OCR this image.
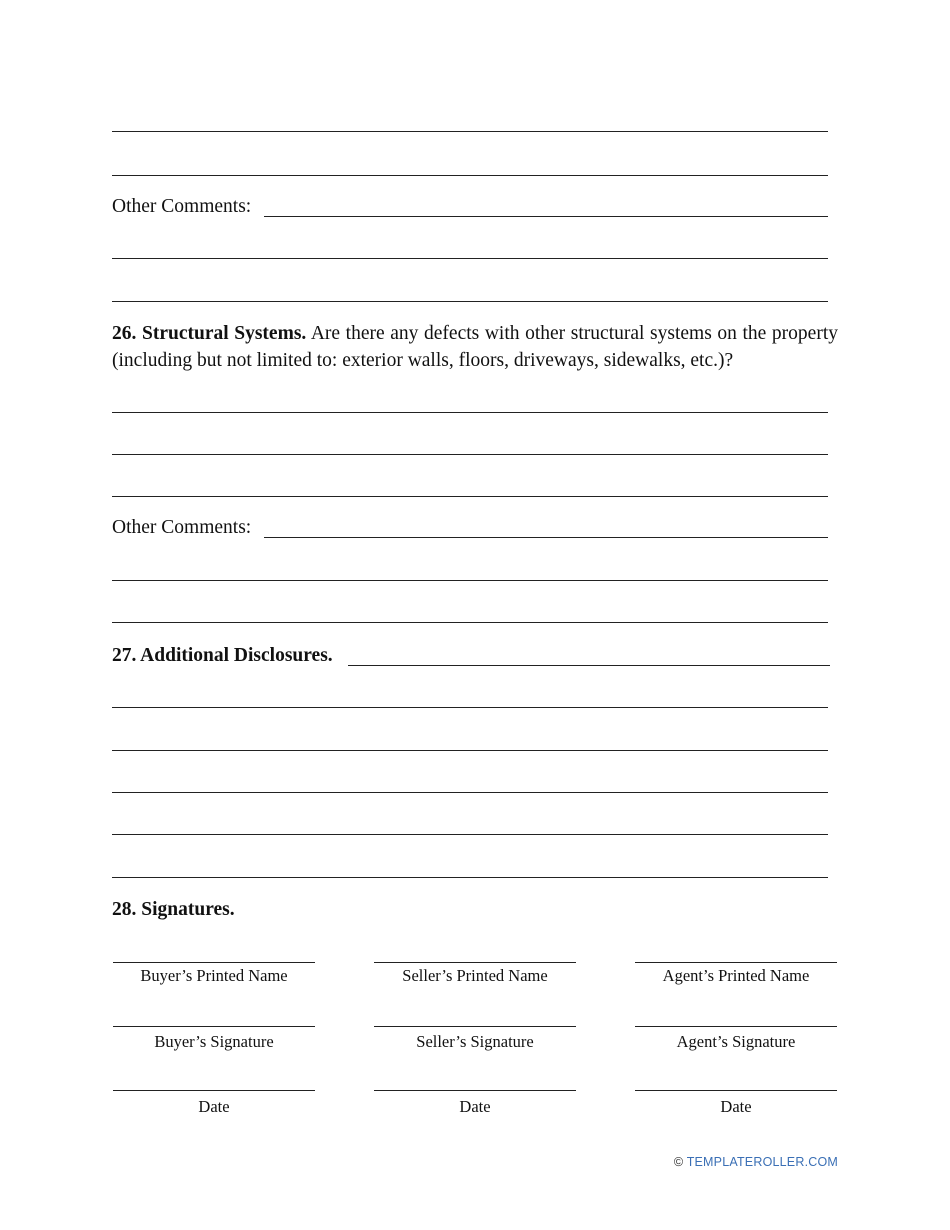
Other Comments:
26. Structural Systems. Are there any defects with other structural systems on the property (including but not limited to: exterior walls, floors, driveways, sidewalks, etc.)?
Other Comments:
27. Additional Disclosures.
28. Signatures.
Buyer’s Printed Name
Buyer’s Signature
Date
Seller’s Printed Name
Seller’s Signature
Date
Agent’s Printed Name
Agent’s Signature
Date
© TEMPLATEROLLER.COM
